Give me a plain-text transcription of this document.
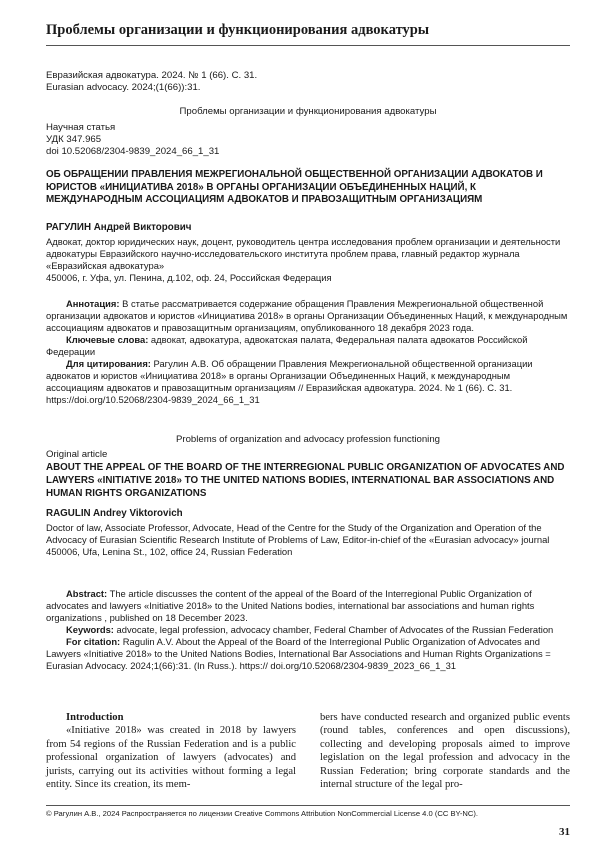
Проблемы организации и функционирования адвокатуры
Евразийская адвокатура. 2024. № 1 (66). С. 31.
Eurasian advocacy. 2024;(1(66)):31.
Проблемы организации и функционирования адвокатуры
Научная статья
УДК 347.965
doi 10.52068/2304-9839_2024_66_1_31
ОБ ОБРАЩЕНИИ ПРАВЛЕНИЯ МЕЖРЕГИОНАЛЬНОЙ ОБЩЕСТВЕННОЙ ОРГАНИЗАЦИИ АДВОКАТОВ И ЮРИСТОВ «ИНИЦИАТИВА 2018» В ОРГАНЫ ОРГАНИЗАЦИИ ОБЪЕДИНЕННЫХ НАЦИЙ, К МЕЖДУНАРОДНЫМ АССОЦИАЦИЯМ АДВОКАТОВ И ПРАВОЗАЩИТНЫМ ОРГАНИЗАЦИЯМ
РАГУЛИН Андрей Викторович
Адвокат, доктор юридических наук, доцент, руководитель центра исследования проблем организации и деятельности адвокатуры Евразийского научно-исследовательского института проблем права, главный редактор журнала «Евразийская адвокатура»
450006, г. Уфа, ул. Пенина, д.102, оф. 24, Российская Федерация

Аннотация: В статье рассматривается содержание обращения Правления Межрегиональной общественной организации адвокатов и юристов «Инициатива 2018» в органы Организации Объединенных Наций, к международным ассоциациям адвокатов и правозащитным организациям, опубликованного 18 декабря 2023 года.

Ключевые слова: адвокат, адвокатура, адвокатская палата, Федеральная палата адвокатов Российской Федерации

Для цитирования: Рагулин А.В. Об обращении Правления Межрегиональной общественной организации адвокатов и юристов «Инициатива 2018» в органы Организации Объединенных Наций, к международным ассоциациям адвокатов и правозащитным организациям // Евразийская адвокатура. 2024. № 1 (66). С. 31. https://doi.org/10.52068/2304-9839_2024_66_1_31

Problems of organization and advocacy profession functioning
Original article
ABOUT THE APPEAL OF THE BOARD OF THE INTERREGIONAL PUBLIC ORGANIZATION OF ADVOCATES AND LAWYERS «INITIATIVE 2018» TO THE UNITED NATIONS BODIES, INTERNATIONAL BAR ASSOCIATIONS AND HUMAN RIGHTS ORGANIZATIONS
RAGULIN Andrey Viktorovich
Doctor of law, Associate Professor, Advocate, Head of the Centre for the Study of the Organization and Operation of the Advocacy of Eurasian Scientific Research Institute of Problems of Law, Editor-in-chief of the «Eurasian advocacy» journal
450006, Ufa, Lenina St., 102, office 24, Russian Federation

Abstract: The article discusses the content of the appeal of the Board of the Interregional Public Organization of advocates and lawyers «Initiative 2018» to the United Nations bodies, international bar associations and human rights organizations , published on 18 December 2023.

Keywords: advocate, legal profession, advocacy chamber, Federal Chamber of Advocates of the Russian Federation

For citation: Ragulin A.V. About the Appeal of the Board of the Interregional Public Organization of Advocates and Lawyers «Initiative 2018» to the United Nations Bodies, International Bar Associations and Human Rights Organizations = Eurasian Advocacy. 2024;1(66):31. (In Russ.). https:// doi.org/10.52068/2304-9839_2023_66_1_31

Introduction

«Initiative 2018» was created in 2018 by lawyers from 54 regions of the Russian Federation and is a public professional organization of lawyers (advocates) and jurists, carrying out its activities without forming a legal entity. Since its creation, its mem-

bers have conducted research and organized public events (round tables, conferences and open discussions), collecting and developing proposals aimed to improve legislation on the legal profession and advocacy in the Russian Federation; bring corporate standards and the internal structure of the legal pro-

© Рагулин А.В., 2024 Распространяется по лицензии Creative Commons Attribution NonCommercial License 4.0 (CC BY-NC).
31
